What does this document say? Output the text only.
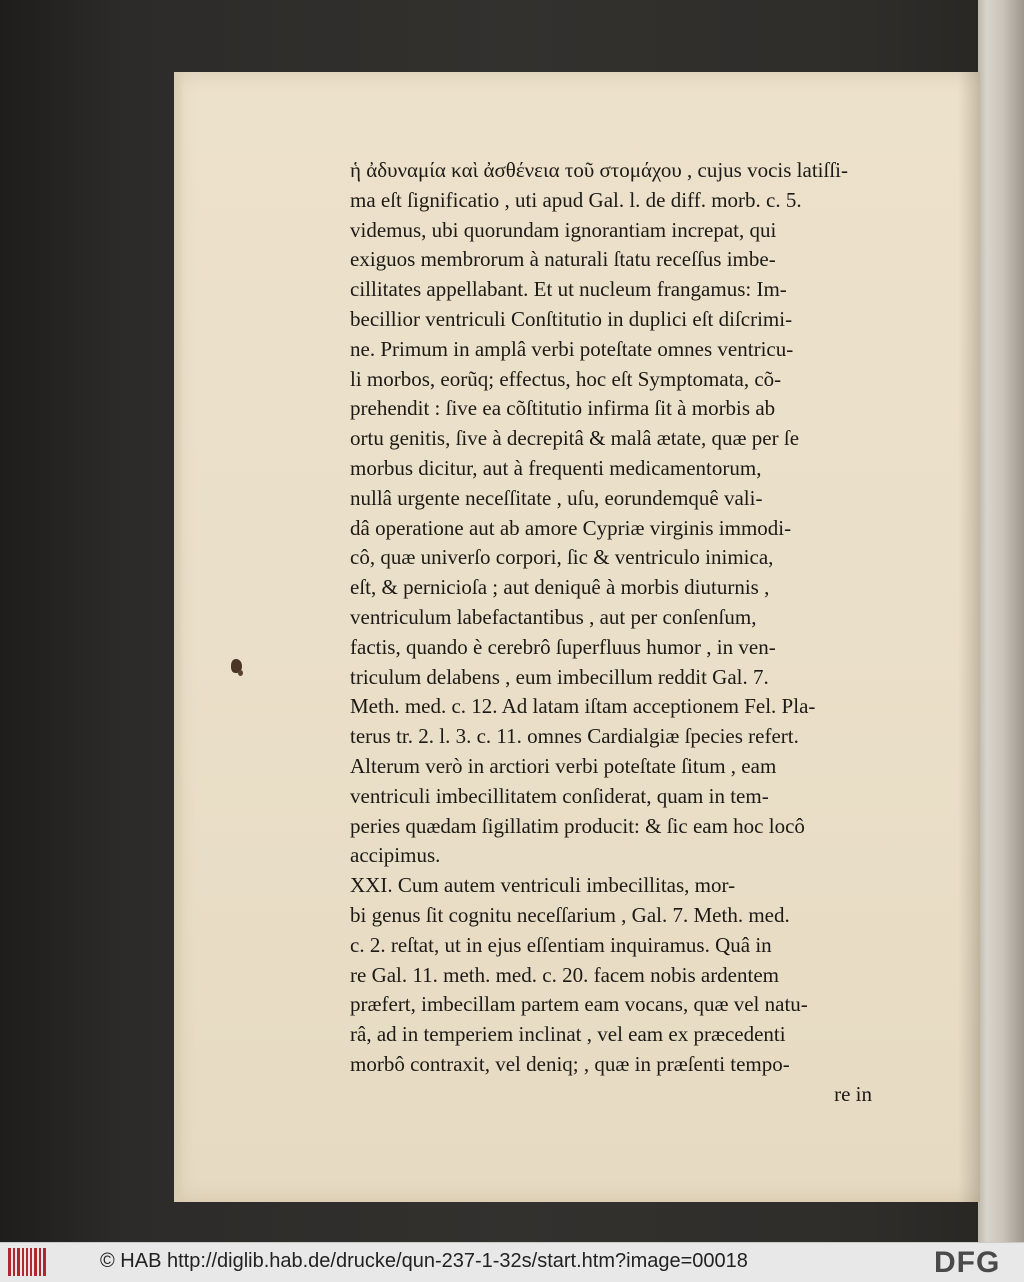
ἡ ἀδυναμία καὶ ἀσθένεια τοῦ στομάχου , cujus vocis latiſſi-
ma eſt ſignificatio , uti apud Gal. l. de diff. morb. c. 5.
videmus, ubi quorundam ignorantiam increpat, qui
exiguos membrorum à naturali ſtatu receſſus imbe-
cillitates appellabant. Et ut nucleum frangamus: Im-
becillior ventriculi Conſtitutio in duplici eſt diſcrimi-
ne. Primum in amplâ verbi poteſtate omnes ventricu-
li morbos, eorũq; effectus, hoc eſt Symptomata, cõ-
prehendit : ſive ea cõſtitutio infirma ſit à morbis ab
ortu genitis, ſive à decrepitâ & malâ ætate, quæ per ſe
morbus dicitur, aut à frequenti medicamentorum,
nullâ urgente neceſſitate , uſu, eorundemquê vali-
dâ operatione aut ab amore Cypriæ virginis immodi-
cô, quæ univerſo corpori, ſic & ventriculo inimica,
eſt, & pernicioſa ; aut deniquê à morbis diuturnis ,
ventriculum labefactantibus , aut per conſenſum,
factis, quando è cerebrô ſuperfluus humor , in ven-
triculum delabens , eum imbecillum reddit Gal. 7.
Meth. med. c. 12. Ad latam iſtam acceptionem Fel. Pla-
terus tr. 2. l. 3. c. 11. omnes Cardialgiæ ſpecies refert.
Alterum verò in arctiori verbi poteſtate ſitum , eam
ventriculi imbecillitatem conſiderat, quam in tem-
peries quædam ſigillatim producit: & ſic eam hoc locô
accipimus.
XXI. Cum autem ventriculi imbecillitas, mor-
bi genus ſit cognitu neceſſarium , Gal. 7. Meth. med.
c. 2. reſtat, ut in ejus eſſentiam inquiramus. Quâ in
re Gal. 11. meth. med. c. 20. facem nobis ardentem
præfert, imbecillam partem eam vocans, quæ vel natu-
râ, ad in temperiem inclinat , vel eam ex præcedenti
morbô contraxit, vel deniq; , quæ in præſenti tempo-
re in
© HAB http://diglib.hab.de/drucke/qun-237-1-32s/start.htm?image=00018	DFG
